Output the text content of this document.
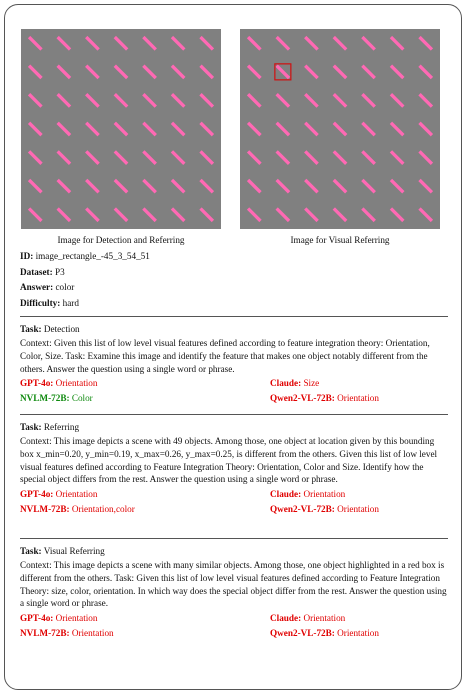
Image for Detection and Referring	Image for Visual Referring
ID: image_rectangle_-45_3_54_51
Dataset: P3
Answer: color
Difficulty: hard
Task: Detection
Context: Given this list of low level visual features defined according to feature integration theory: Orientation, Color, Size. Task: Examine this image and identify the feature that makes one object notably different from the others. Answer the question using a single word or phrase.
GPT-4o: Orientation	Claude: Size
NVLM-72B: Color	Qwen2-VL-72B: Orientation
Task: Referring
Context: This image depicts a scene with 49 objects. Among those, one object at location given by this bounding box x_min=0.20, y_min=0.19, x_max=0.26, y_max=0.25, is different from the others. Given this list of low level visual features defined according to Feature Integration Theory: Orientation, Color and Size. Identify how the special object differs from the rest. Answer the question using a single word or phrase.
GPT-4o: Orientation	Claude: Orientation
NVLM-72B: Orientation,color	Qwen2-VL-72B: Orientation
Task: Visual Referring
Context: This image depicts a scene with many similar objects. Among those, one object highlighted in a red box is different from the others. Task: Given this list of low level visual features defined according to Feature Integration Theory: size, color, orientation. In which way does the special object differ from the rest. Answer the question using a single word or phrase.
GPT-4o: Orientation	Claude: Orientation
NVLM-72B: Orientation	Qwen2-VL-72B: Orientation
